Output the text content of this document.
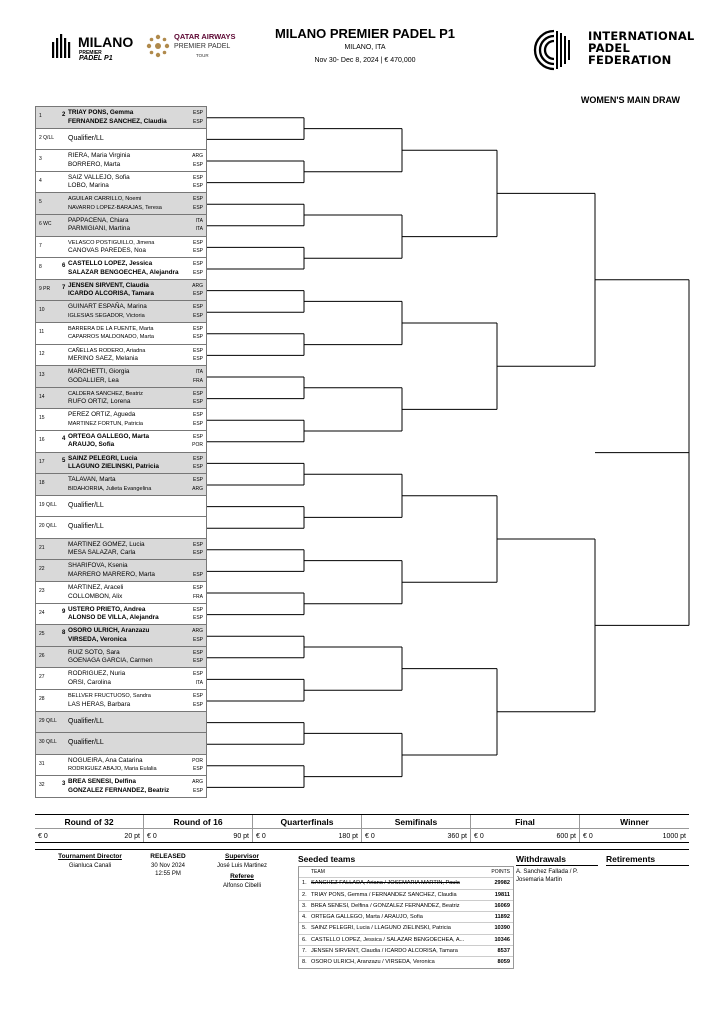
MILANO
PREMIER
PADEL P1
QATAR AIRWAYS
PREMIER PADEL
TOUR
MILANO PREMIER PADEL P1
MILANO, ITA
Nov 30- Dec 8, 2024 | € 470,000
INTERNATIONAL
PADEL
FEDERATION
WOMEN'S MAIN DRAW
1	2 TRIAY PONS, Gemma	ESP
FERNANDEZ SANCHEZ, Claudia	ESP
2 Q/LL	Qualifier/LL
3	RIERA, Maria Virginia	ARG
BORRERO, Marta	ESP
4	SAIZ VALLEJO, Sofia	ESP
LOBO, Marina	ESP
5	AGUILAR CARRILLO, Noemi	ESP
NAVARRO LOPEZ-BARAJAS, Teresa	ESP
6 WC	PAPPACENA, Chiara	ITA
PARMIGIANI, Martina	ITA
7	VELASCO POSTIGUILLO, Jimena	ESP
CANOVAS PAREDES, Noa	ESP
8	6 CASTELLO LOPEZ, Jessica	ESP
SALAZAR BENGOECHEA, Alejandra	ESP
9 PR	7 JENSEN SIRVENT, Claudia	ARG
ICARDO ALCORISA, Tamara	ESP
10	GUINART ESPAÑA, Marina	ESP
IGLESIAS SEGADOR, Victoria	ESP
11	BARRERA DE LA FUENTE, Marta	ESP
CAPARROS MALDONADO, Marta	ESP
12	CAÑELLAS RODERO, Ariadna	ESP
MERINO SAEZ, Melania	ESP
13	MARCHETTI, Giorgia	ITA
GODALLIER, Lea	FRA
14	CALDERA SANCHEZ, Beatriz	ESP
RUFO ORTIZ, Lorena	ESP
15	PEREZ ORTIZ, Agueda	ESP
MARTINEZ FORTUN, Patricia	ESP
16	4 ORTEGA GALLEGO, Marta	ESP
ARAUJO, Sofia	POR
17	5 SAINZ PELEGRI, Lucia	ESP
LLAGUNO ZIELINSKI, Patricia	ESP
18	TALAVAN, Marta	ESP
BIDAHORRIA, Julieta Evangelina	ARG
19 Q/LL	Qualifier/LL
20 Q/LL	Qualifier/LL
21	MARTINEZ GOMEZ, Lucia	ESP
MESA SALAZAR, Carla	ESP
22	SHARIFOVA, Ksenia
MARRERO MARRERO, Marta	ESP
23	MARTINEZ, Araceli	ESP
COLLOMBON, Alix	FRA
24	9 USTERO PRIETO, Andrea	ESP
ALONSO DE VILLA, Alejandra	ESP
25	8 OSORO ULRICH, Aranzazu	ARG
VIRSEDA, Veronica	ESP
26	RUIZ SOTO, Sara	ESP
GOENAGA GARCIA, Carmen	ESP
27	RODRIGUEZ, Nuria	ESP
ORSI, Carolina	ITA
28	BELLVER FRUCTUOSO, Sandra	ESP
LAS HERAS, Barbara	ESP
29 Q/LL	Qualifier/LL
30 Q/LL	Qualifier/LL
31	NOGUEIRA, Ana Catarina	POR
RODRIGUEZ ABAJO, Maria Eulalia	ESP
32	3 BREA SENESI, Delfina	ARG
GONZALEZ FERNANDEZ, Beatriz	ESP
Round of 32
€ 0	20 pt
Round of 16
€ 0	90 pt
Quarterfinals
€ 0	180 pt
Semifinals
€ 0	360 pt
Final
€ 0	600 pt
Winner
€ 0	1000 pt
Tournament Director
Gianluca Canali
RELEASED
30 Nov 2024
12:55 PM
Supervisor
José Luis Martinez
Referee
Alfonso Cibelli
Seeded teams
TEAM	POINTS
1. SANCHEZ FALLADA, Ariana / JOSEMARIA MARTIN, Paula	29982
2. TRIAY PONS, Gemma / FERNANDEZ SANCHEZ, Claudia	19811
3. BREA SENESI, Delfina / GONZALEZ FERNANDEZ, Beatriz	16069
4. ORTEGA GALLEGO, Marta / ARAUJO, Sofia	11892
5. SAINZ PELEGRI, Lucia / LLAGUNO ZIELINSKI, Patricia	10390
6. CASTELLO LOPEZ, Jessica / SALAZAR BENGOECHEA, A...	10346
7. JENSEN SIRVENT, Claudia / ICARDO ALCORISA, Tamara	8537
8. OSORO ULRICH, Aranzazu / VIRSEDA, Veronica	8059
Withdrawals
A. Sanchez Fallada / P. Josemaria Martin
Retirements
